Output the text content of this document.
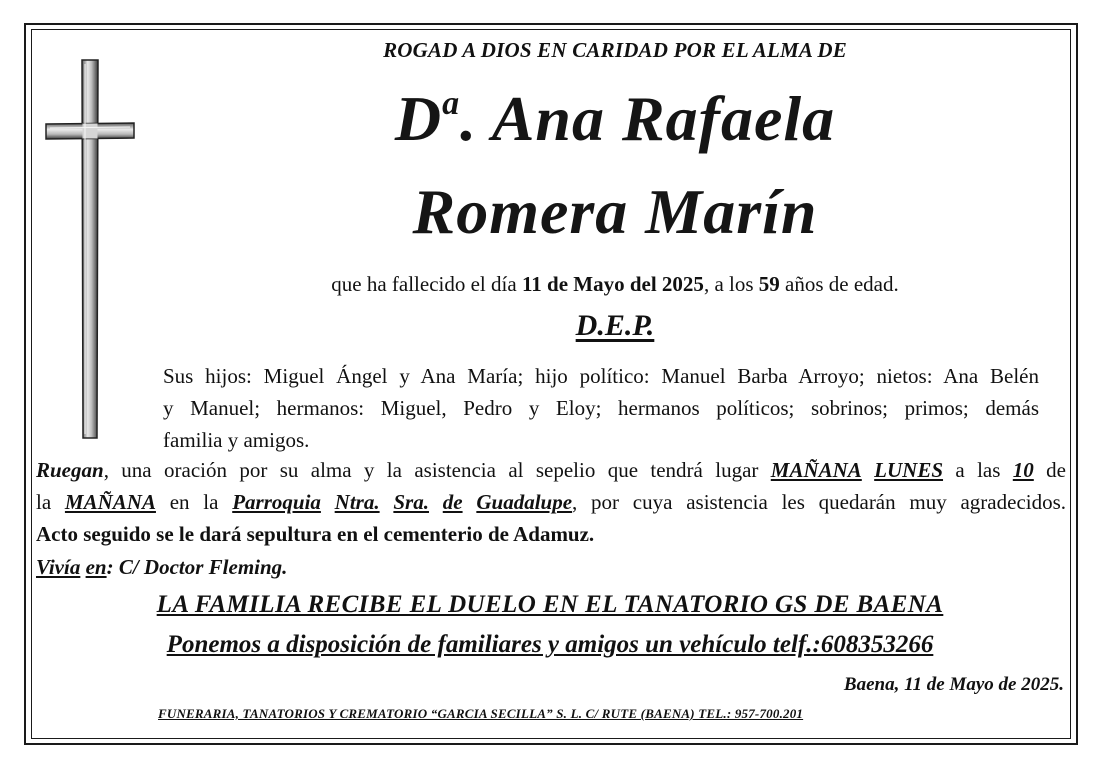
ROGAD A DIOS EN CARIDAD POR EL ALMA DE
$D^a$. Ana Rafaela
Romera Marín
que ha fallecido el día 11 de Mayo del 2025, a los 59 años de edad.
D.E.P.
Sus hijos: Miguel Ángel y Ana María; hijo político: Manuel Barba Arroyo; nietos: Ana Belén
y Manuel; hermanos: Miguel, Pedro y Eloy; hermanos políticos; sobrinos; primos; demás
familia y amigos.
Ruegan, una oración por su alma y la asistencia al sepelio que tendrá lugar MAÑANA LUNES a las 10 de
la MAÑANA en la Parroquia Ntra. Sra. de Guadalupe, por cuya asistencia les quedarán muy agradecidos.
Acto seguido se le dará sepultura en el cementerio de Adamuz.
Vivía en: C/ Doctor Fleming.
LA FAMILIA RECIBE EL DUELO EN EL TANATORIO GS DE BAENA
Ponemos a disposición de familiares y amigos un vehículo telf.:608353266
Baena, 11 de Mayo de 2025.
FUNERARIA, TANATORIOS Y CREMATORIO “GARCIA SECILLA” S. L. C/ RUTE (BAENA) TEL.: 957-700.201
